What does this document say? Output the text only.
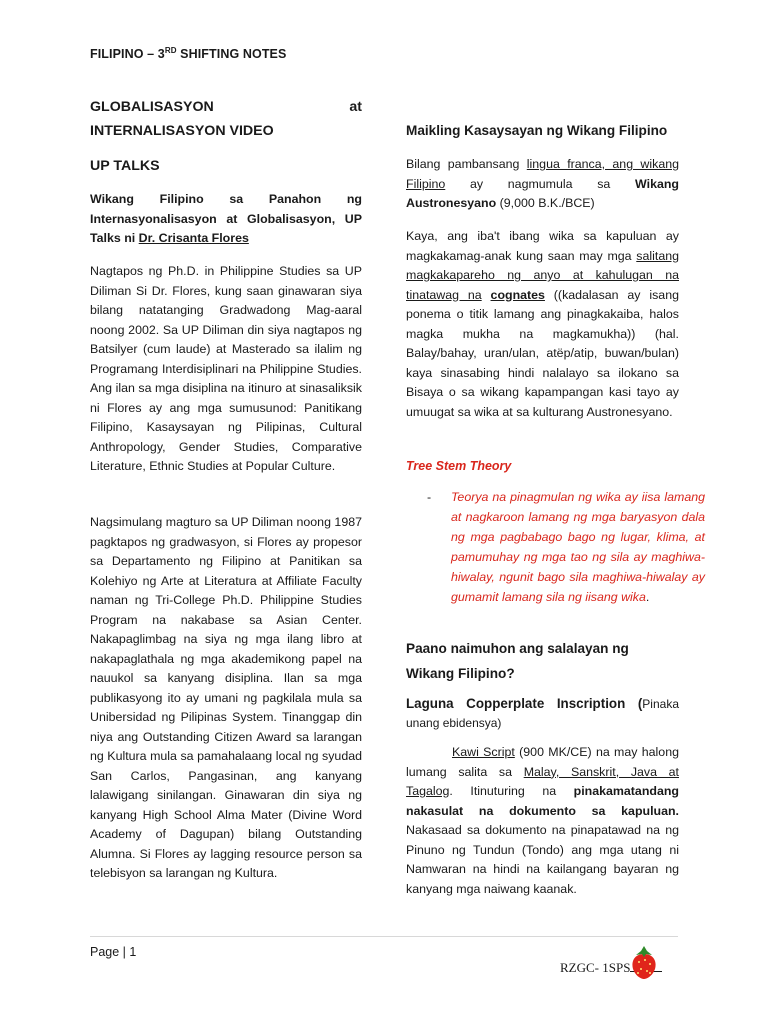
FILIPINO – 3RD SHIFTING NOTES
GLOBALISASYON	at
INTERNALISASYON VIDEO
UP TALKS

Wikang Filipino sa Panahon ng Internasyonalisasyon at Globalisasyon, UP Talks ni Dr. Crisanta Flores

Nagtapos ng Ph.D. in Philippine Studies sa UP Diliman Si Dr. Flores, kung saan ginawaran siya bilang natatanging Gradwadong Mag-aaral noong 2002. Sa UP Diliman din siya nagtapos ng Batsilyer (cum laude) at Masterado sa ilalim ng Programang Interdisiplinari na Philippine Studies. Ang ilan sa mga disiplina na itinuro at sinasaliksik ni Flores ay ang mga sumusunod: Panitikang Filipino, Kasaysayan ng Pilipinas, Cultural Anthropology, Gender Studies, Comparative Literature, Ethnic Studies at Popular Culture.

Nagsimulang magturo sa UP Diliman noong 1987 pagktapos ng gradwasyon, si Flores ay propesor sa Departamento ng Filipino at Panitikan sa Kolehiyo ng Arte at Literatura at Affiliate Faculty naman ng Tri-College Ph.D. Philippine Studies Program na nakabase sa Asian Center. Nakapaglimbag na siya ng mga ilang libro at nakapaglathala ng mga akademikong papel na nauukol sa kanyang disiplina. Ilan sa mga publikasyong ito ay umani ng pagkilala mula sa Unibersidad ng Pilipinas System. Tinanggap din niya ang Outstanding Citizen Award sa larangan ng Kultura mula sa pamahalaang local ng syudad San Carlos, Pangasinan, ang kanyang lalawigang sinilangan. Ginawaran din siya ng kanyang High School Alma Mater (Divine Word Academy of Dagupan) bilang Outstanding Alumna. Si Flores ay lagging resource person sa telebisyon sa larangan ng Kultura.

Maikling Kasaysayan ng Wikang Filipino

Bilang pambansang lingua franca, ang wikang Filipino ay nagmumula sa Wikang Austronesyano (9,000 B.K./BCE)

Kaya, ang iba't ibang wika sa kapuluan ay magkakamag-anak kung saan may mga salitang magkakapareho ng anyo at kahulugan na tinatawag na cognates ((kadalasan ay isang ponema o titik lamang ang pinagkakaiba, halos magka mukha na magkamukha)) (hal. Balay/bahay, uran/ulan, atëp/atip, buwan/bulan) kaya sinasabing hindi nalalayo sa ilokano sa Bisaya o sa wikang kapampangan kasi tayo ay umuugat sa wika at sa kulturang Austronesyano.

Tree Stem Theory
- Teorya na pinagmulan ng wika ay iisa lamang at nagkaroon lamang ng mga baryasyon dala ng mga pagbabago bago ng lugar, klima, at pamumuhay ng mga tao ng sila ay maghiwa-hiwalay, ngunit bago sila maghiwa-hiwalay ay gumamit lamang sila ng iisang wika.

Paano naimuhon ang salalayan ng Wikang Filipino?

Laguna Copperplate Inscription (Pinaka unang ebidensya)

Kawi Script (900 MK/CE) na may halong lumang salita sa Malay, Sanskrit, Java at Tagalog. Itinuturing na pinakamatandang nakasulat na dokumento sa kapuluan. Nakasaad sa dokumento na pinapatawad na ng Pinuno ng Tundun (Tondo) ang mga utang ni Namwaran na hindi na kailangang bayaran ng kanyang mga naiwang kaanak.

Page | 1
RZGC- 1SPS
